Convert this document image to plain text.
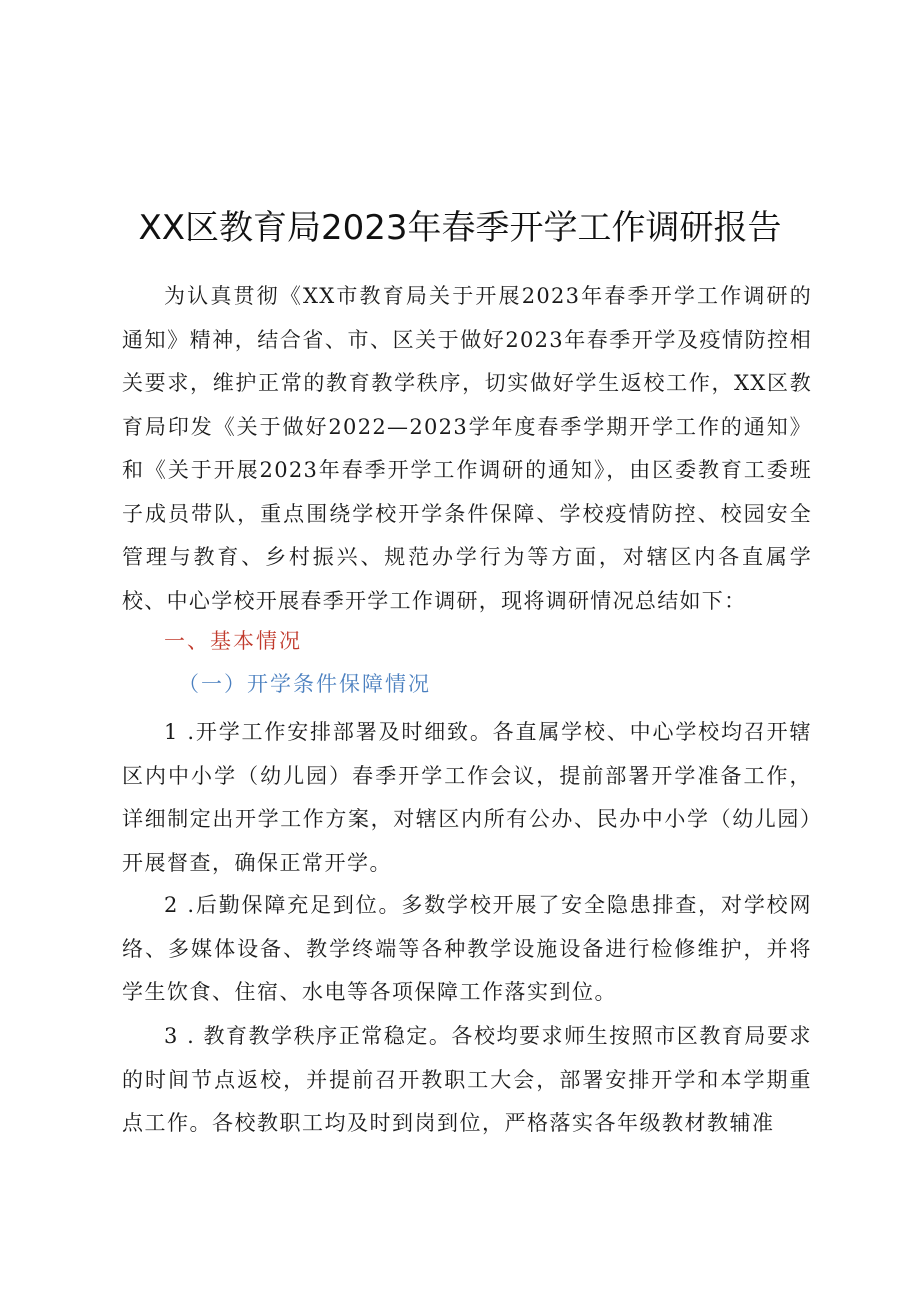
XX区教育局2023年春季开学工作调研报告
为认真贯彻《XX市教育局关于开展2023年春季开学工作调研的通知》精神，结合省、市、区关于做好2023年春季开学及疫情防控相关要求，维护正常的教育教学秩序，切实做好学生返校工作，XX区教育局印发《关于做好2022—2023学年度春季学期开学工作的通知》和《关于开展2023年春季开学工作调研的通知》，由区委教育工委班子成员带队，重点围绕学校开学条件保障、学校疫情防控、校园安全管理与教育、乡村振兴、规范办学行为等方面，对辖区内各直属学校、中心学校开展春季开学工作调研，现将调研情况总结如下：
一、基本情况
（一）开学条件保障情况
1 .开学工作安排部署及时细致。各直属学校、中心学校均召开辖区内中小学（幼儿园）春季开学工作会议，提前部署开学准备工作，详细制定出开学工作方案，对辖区内所有公办、民办中小学（幼儿园）开展督查，确保正常开学。
2 .后勤保障充足到位。多数学校开展了安全隐患排查，对学校网络、多媒体设备、教学终端等各种教学设施设备进行检修维护，并将学生饮食、住宿、水电等各项保障工作落实到位。
3 . 教育教学秩序正常稳定。各校均要求师生按照市区教育局要求的时间节点返校，并提前召开教职工大会，部署安排开学和本学期重点工作。各校教职工均及时到岗到位，严格落实各年级教材教辅准
